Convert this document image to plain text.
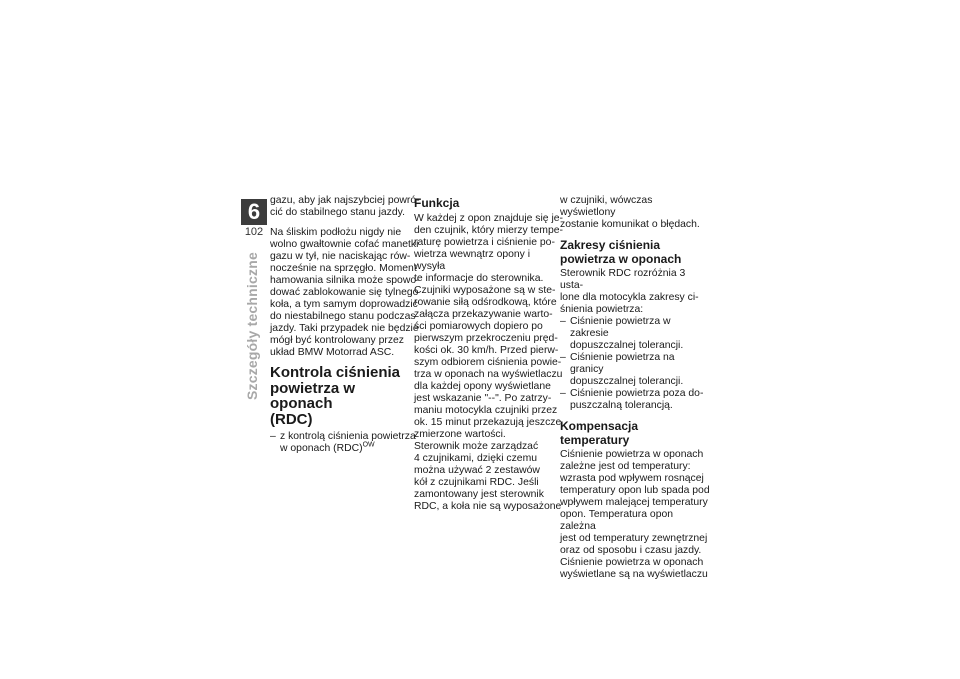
6
102
Szczegóły techniczne

gazu, aby jak najszybciej powró-
cić do stabilnego stanu jazdy.

Na śliskim podłożu nigdy nie
wolno gwałtownie cofać manetki
gazu w tył, nie naciskając rów-
nocześnie na sprzęgło. Moment
hamowania silnika może spowo-
dować zablokowanie się tylnego
koła, a tym samym doprowadzić
do niestabilnego stanu podczas
jazdy. Taki przypadek nie będzie
mógł być kontrolowany przez
układ BMW Motorrad ASC.

Kontrola ciśnienia
powietrza w oponach
(RDC)
– z kontrolą ciśnienia powietrza
w oponach (RDC)$^{OW}$
Funkcja

W każdej z opon znajduje się je-
den czujnik, który mierzy tempe-
raturę powietrza i ciśnienie po-
wietrza wewnątrz opony i wysyła
te informacje do sterownika.
Czujniki wyposażone są w ste-
rowanie siłą odśrodkową, które
załącza przekazywanie warto-
ści pomiarowych dopiero po
pierwszym przekroczeniu pręd-
kości ok. 30 km/h. Przed pierw-
szym odbiorem ciśnienia powie-
trza w oponach na wyświetlaczu
dla każdej opony wyświetlane
jest wskazanie "--". Po zatrzy-
maniu motocykla czujniki przez
ok. 15 minut przekazują jeszcze
zmierzone wartości.

Sterownik może zarządzać
4 czujnikami, dzięki czemu
można używać 2 zestawów
kół z czujnikami RDC. Jeśli
zamontowany jest sterownik
RDC, a koła nie są wyposażone

w czujniki, wówczas wyświetlony
zostanie komunikat o błędach.

Zakresy ciśnienia
powietrza w oponach

Sterownik RDC rozróżnia 3 usta-
lone dla motocykla zakresy ci-
śnienia powietrza:

– Ciśnienie powietrza w zakresie
dopuszczalnej tolerancji.
– Ciśnienie powietrza na granicy
dopuszczalnej tolerancji.
– Ciśnienie powietrza poza do-
puszczalną tolerancją.
Kompensacja temperatury

Ciśnienie powietrza w oponach
zależne jest od temperatury:
wzrasta pod wpływem rosnącej
temperatury opon lub spada pod
wpływem malejącej temperatury
opon. Temperatura opon zależna
jest od temperatury zewnętrznej
oraz od sposobu i czasu jazdy.
Ciśnienie powietrza w oponach
wyświetlane są na wyświetlaczu
